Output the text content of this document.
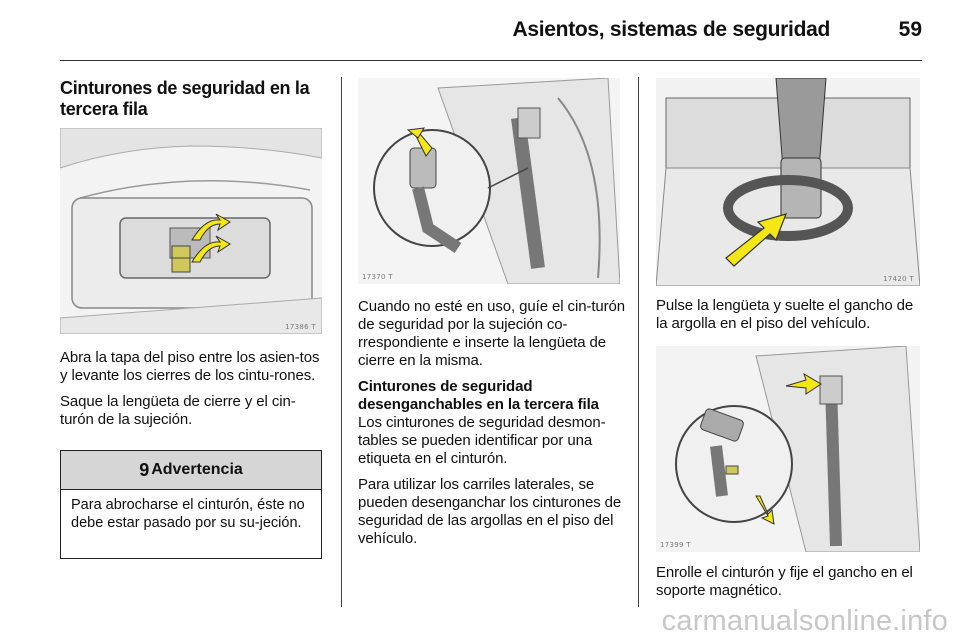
Asientos, sistemas de seguridad	59
Cinturones de seguridad en la tercera fila
17386 T

Abra la tapa del piso entre los asien-tos y levante los cierres de los cintu-rones.

Saque la lengüeta de cierre y el cin-turón de la sujeción.

9 Advertencia
Para abrocharse el cinturón, éste no debe estar pasado por su su-jeción.
17370 T

Cuando no esté en uso, guíe el cin-turón de seguridad por la sujeción co-rrespondiente e inserte la lengüeta de cierre en la misma.

Cinturones de seguridad desenganchables en la tercera fila

Los cinturones de seguridad desmon-tables se pueden identificar por una etiqueta en el cinturón.

Para utilizar los carriles laterales, se pueden desenganchar los cinturones de seguridad de las argollas en el piso del vehículo.

17420 T

Pulse la lengüeta y suelte el gancho de la argolla en el piso del vehículo.

17399 T

Enrolle el cinturón y fije el gancho en el soporte magnético.

carmanualsonline.info
